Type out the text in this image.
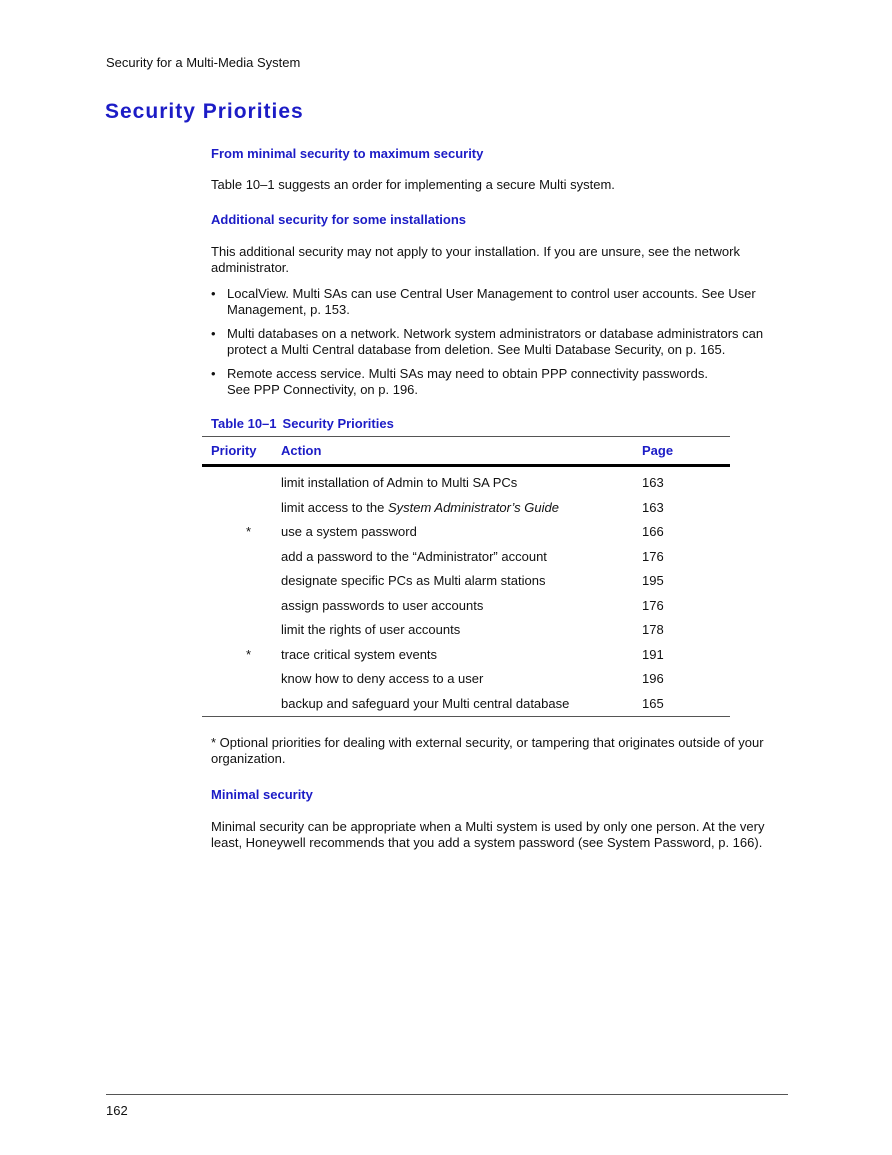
Security for a Multi-Media System
Security Priorities
From minimal security to maximum security

Table 10–1 suggests an order for implementing a secure Multi system.

Additional security for some installations

This additional security may not apply to your installation. If you are unsure, see the network administrator.

• LocalView. Multi SAs can use Central User Management to control user accounts. See User Management, p. 153.
• Multi databases on a network. Network system administrators or database administrators can protect a Multi Central database from deletion. See Multi Database Security, on p. 165.
• Remote access service. Multi SAs may need to obtain PPP connectivity passwords.
See PPP Connectivity, on p. 196.
Table 10–1 Security Priorities
Priority	Action	Page
	limit installation of Admin to Multi SA PCs	163
	limit access to the System Administrator’s Guide	163
*	use a system password	166
	add a password to the “Administrator” account	176
	designate specific PCs as Multi alarm stations	195
	assign passwords to user accounts	176
	limit the rights of user accounts	178
*	trace critical system events	191
	know how to deny access to a user	196
	backup and safeguard your Multi central database	165

* Optional priorities for dealing with external security, or tampering that originates outside of your organization.

Minimal security

Minimal security can be appropriate when a Multi system is used by only one person. At the very least, Honeywell recommends that you add a system password (see System Password, p. 166).

162
